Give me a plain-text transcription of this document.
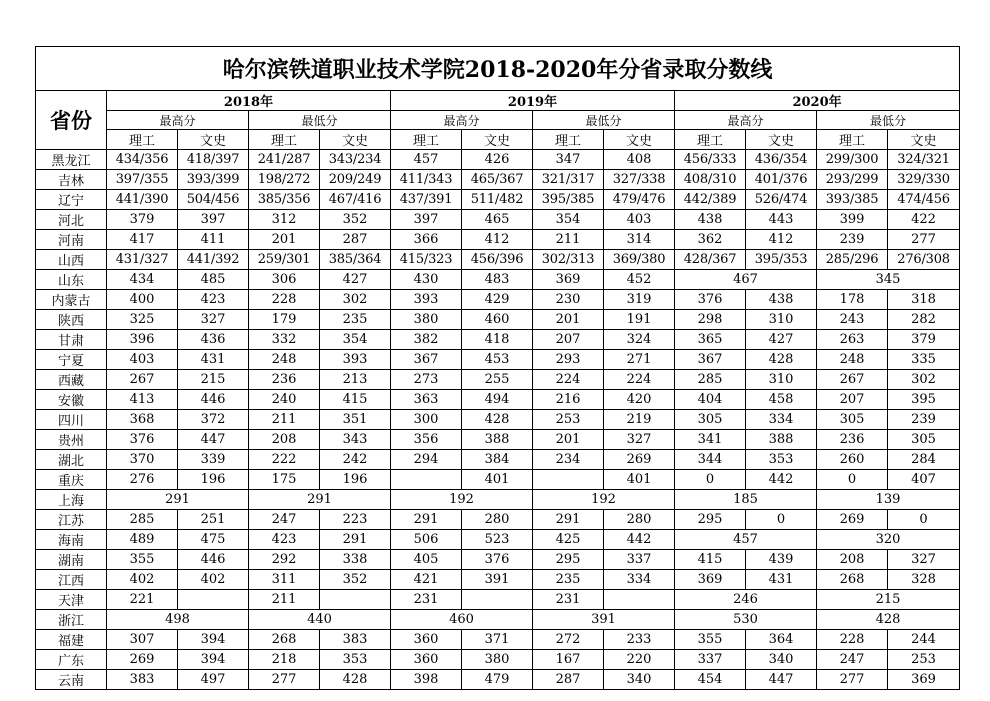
哈尔滨铁道职业技术学院2018-2020年分省录取分数线												
省份	2018年				2019年				2020年			
	最高分		最低分		最高分		最低分		最高分		最低分	
	理工	文史	理工	文史	理工	文史	理工	文史	理工	文史	理工	文史
黑龙江	434/356	418/397	241/287	343/234	457	426	347	408	456/333	436/354	299/300	324/321
吉林	397/355	393/399	198/272	209/249	411/343	465/367	321/317	327/338	408/310	401/376	293/299	329/330
辽宁	441/390	504/456	385/356	467/416	437/391	511/482	395/385	479/476	442/389	526/474	393/385	474/456
河北	379	397	312	352	397	465	354	403	438	443	399	422
河南	417	411	201	287	366	412	211	314	362	412	239	277
山西	431/327	441/392	259/301	385/364	415/323	456/396	302/313	369/380	428/367	395/353	285/296	276/308
山东	434	485	306	427	430	483	369	452	467		345	
内蒙古	400	423	228	302	393	429	230	319	376	438	178	318
陕西	325	327	179	235	380	460	201	191	298	310	243	282
甘肃	396	436	332	354	382	418	207	324	365	427	263	379
宁夏	403	431	248	393	367	453	293	271	367	428	248	335
西藏	267	215	236	213	273	255	224	224	285	310	267	302
安徽	413	446	240	415	363	494	216	420	404	458	207	395
四川	368	372	211	351	300	428	253	219	305	334	305	239
贵州	376	447	208	343	356	388	201	327	341	388	236	305
湖北	370	339	222	242	294	384	234	269	344	353	260	284
重庆	276	196	175	196		401		401	0	442	0	407
上海	291		291		192		192		185		139	
江苏	285	251	247	223	291	280	291	280	295	0	269	0
海南	489	475	423	291	506	523	425	442	457		320	
湖南	355	446	292	338	405	376	295	337	415	439	208	327
江西	402	402	311	352	421	391	235	334	369	431	268	328
天津	221		211		231		231		246		215	
浙江	498		440		460		391		530		428	
福建	307	394	268	383	360	371	272	233	355	364	228	244
广东	269	394	218	353	360	380	167	220	337	340	247	253
云南	383	497	277	428	398	479	287	340	454	447	277	369
